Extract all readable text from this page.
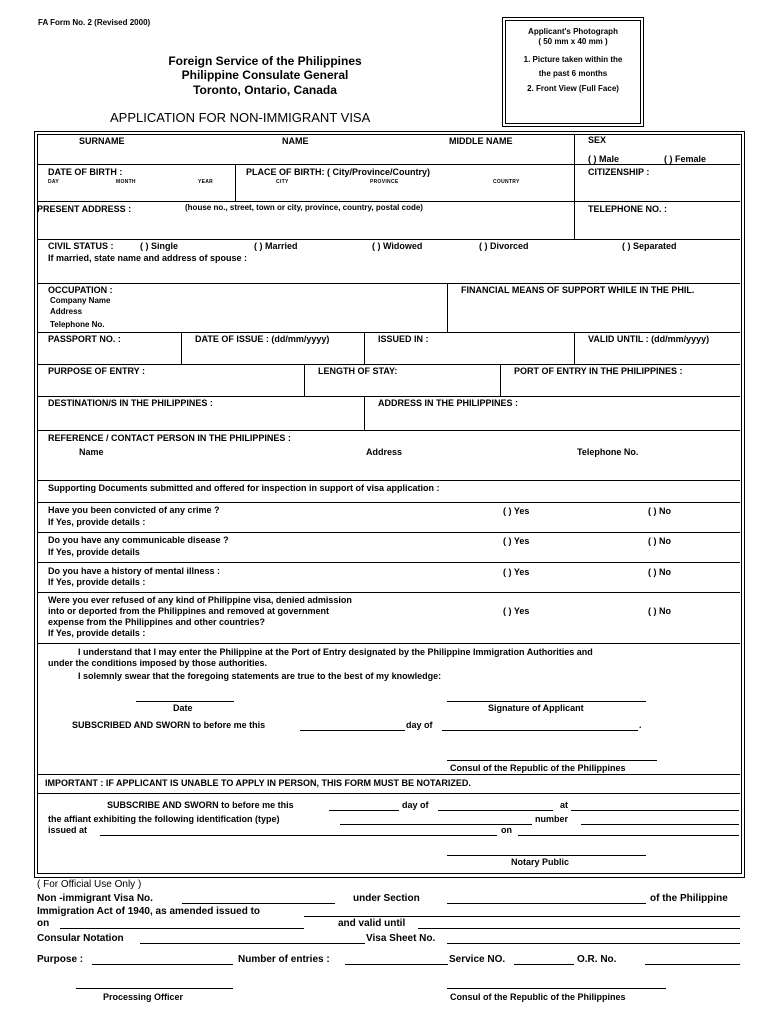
FA Form No. 2 (Revised 2000)
Foreign Service of the Philippines
Philippine Consulate General
Toronto, Ontario, Canada
APPLICATION FOR NON-IMMIGRANT VISA
Applicant's Photograph
( 50 mm x 40 mm )
1. Picture taken within the
the past 6 months
2. Front View (Full Face)
SURNAME	NAME	MIDDLE NAME	SEX
( ) Male	( ) Female
DATE OF BIRTH :
DAY	MONTH	YEAR
PLACE OF BIRTH: ( City/Province/Country)
CITY	PROVINCE	COUNTRY
CITIZENSHIP :
PRESENT ADDRESS :	(house no., street, town or city, province, country, postal code)	TELEPHONE NO. :
CIVIL STATUS :	( ) Single	( ) Married	( ) Widowed	( ) Divorced	( ) Separated
If married, state name and address of spouse :
OCCUPATION :
Company Name
Address
Telephone No.
FINANCIAL MEANS OF SUPPORT WHILE IN THE PHIL.
PASSPORT NO. :	DATE OF ISSUE : (dd/mm/yyyy)	ISSUED IN :	VALID UNTIL : (dd/mm/yyyy)
PURPOSE OF ENTRY :	LENGTH OF STAY:	PORT OF ENTRY IN THE PHILIPPINES :
DESTINATION/S IN THE PHILIPPINES :	ADDRESS IN THE PHILIPPINES :
REFERENCE / CONTACT PERSON IN THE PHILIPPINES :
Name	Address	Telephone No.
Supporting Documents submitted and offered for inspection in support of visa application :
Have you been convicted of any crime ?
If Yes, provide details :
( ) Yes	( ) No
Do you have any communicable disease ?
If Yes, provide details
( ) Yes	( ) No
Do you have a history of mental illness :
If Yes, provide details :
( ) Yes	( ) No
Were you ever refused of any kind of Philippine visa, denied admission
into or deported from the Philippines and removed at government
expense from the Philippines and other countries?
If Yes, provide details :
( ) Yes	( ) No
I understand that I may enter the Philippine at the Port of Entry designated by the Philippine Immigration Authorities and
under the conditions imposed by those authorities.
I solemnly swear that the foregoing statements are true to the best of my knowledge:
Date	Signature of Applicant
SUBSCRIBED AND SWORN to before me this	day of	.
Consul of the Republic of the Philippines
IMPORTANT : IF APPLICANT IS UNABLE TO APPLY IN PERSON, THIS FORM MUST BE NOTARIZED.
SUBSCRIBE AND SWORN to before me this	day of	at
the affiant exhibiting the following identification (type)	number
issued at	on
Notary Public
( For Official Use Only )
Non -immigrant Visa No.	under Section	of the Philippine
Immigration Act of 1940, as amended issued to
on	and valid until
Consular Notation	Visa Sheet No.
Purpose :	Number of entries :	Service NO.	O.R. No.
Processing Officer	Consul of the Republic of the Philippines
